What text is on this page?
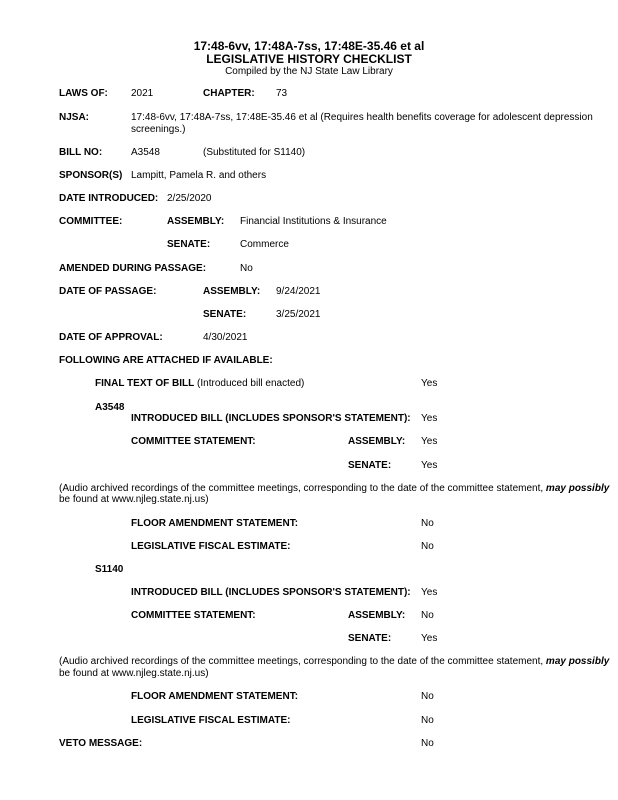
17:48-6vv, 17:48A-7ss, 17:48E-35.46 et al
LEGISLATIVE HISTORY CHECKLIST
Compiled by the NJ State Law Library
LAWS OF: 2021	CHAPTER: 73
NJSA:	17:48-6vv, 17:48A-7ss, 17:48E-35.46 et al (Requires health benefits coverage for adolescent depression
screenings.)
BILL NO:	A3548	(Substituted for S1140)
SPONSOR(S) Lampitt, Pamela R. and others
DATE INTRODUCED: 2/25/2020
COMMITTEE:	ASSEMBLY: Financial Institutions & Insurance
SENATE:	Commerce
AMENDED DURING PASSAGE:	No
DATE OF PASSAGE:	ASSEMBLY: 9/24/2021
SENATE:	3/25/2021
DATE OF APPROVAL:	4/30/2021
FOLLOWING ARE ATTACHED IF AVAILABLE:
FINAL TEXT OF BILL (Introduced bill enacted)	Yes
A3548
INTRODUCED BILL (INCLUDES SPONSOR'S STATEMENT): Yes
COMMITTEE STATEMENT:	ASSEMBLY: Yes
SENATE:	Yes
(Audio archived recordings of the committee meetings, corresponding to the date of the committee statement, may possibly
be found at www.njleg.state.nj.us)
FLOOR AMENDMENT STATEMENT:	No
LEGISLATIVE FISCAL ESTIMATE:	No
S1140
INTRODUCED BILL (INCLUDES SPONSOR'S STATEMENT): Yes
COMMITTEE STATEMENT:	ASSEMBLY: No
SENATE:	Yes
(Audio archived recordings of the committee meetings, corresponding to the date of the committee statement, may possibly
be found at www.njleg.state.nj.us)
FLOOR AMENDMENT STATEMENT:	No
LEGISLATIVE FISCAL ESTIMATE:	No
VETO MESSAGE:	No
